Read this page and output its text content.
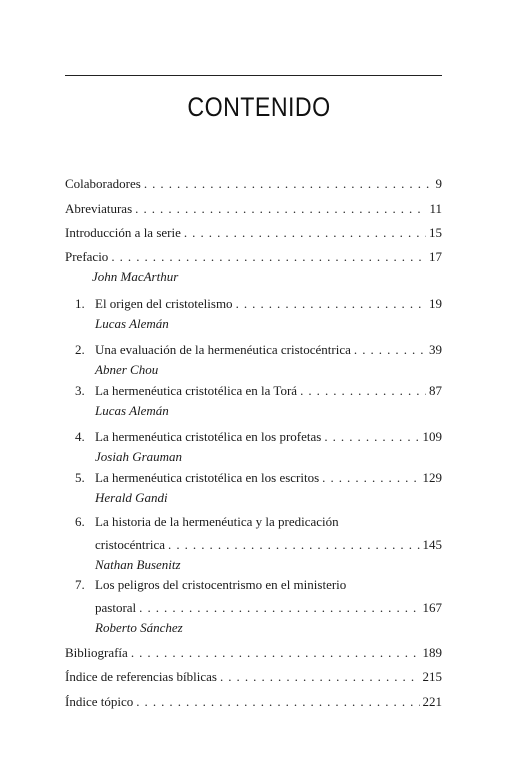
CONTENIDO
Colaboradores . . .	9
Abreviaturas . . .	11
Introducción a la serie . . .	15
Prefacio . . .	17
John MacArthur
1. El origen del cristotelismo . . .	19
Lucas Alemán
2. Una evaluación de la hermenéutica cristocéntrica . . .	39
Abner Chou
3. La hermenéutica cristotélica en la Torá . . .	87
Lucas Alemán
4. La hermenéutica cristotélica en los profetas . . .	109
Josiah Grauman
5. La hermenéutica cristotélica en los escritos . . .	129
Herald Gandi
6. La historia de la hermenéutica y la predicación
cristocéntrica . . .	145
Nathan Busenitz
7. Los peligros del cristocentrismo en el ministerio
pastoral . . .	167
Roberto Sánchez
Bibliografía . . .	189
Índice de referencias bíblicas . . .	215
Índice tópico . . .	221
